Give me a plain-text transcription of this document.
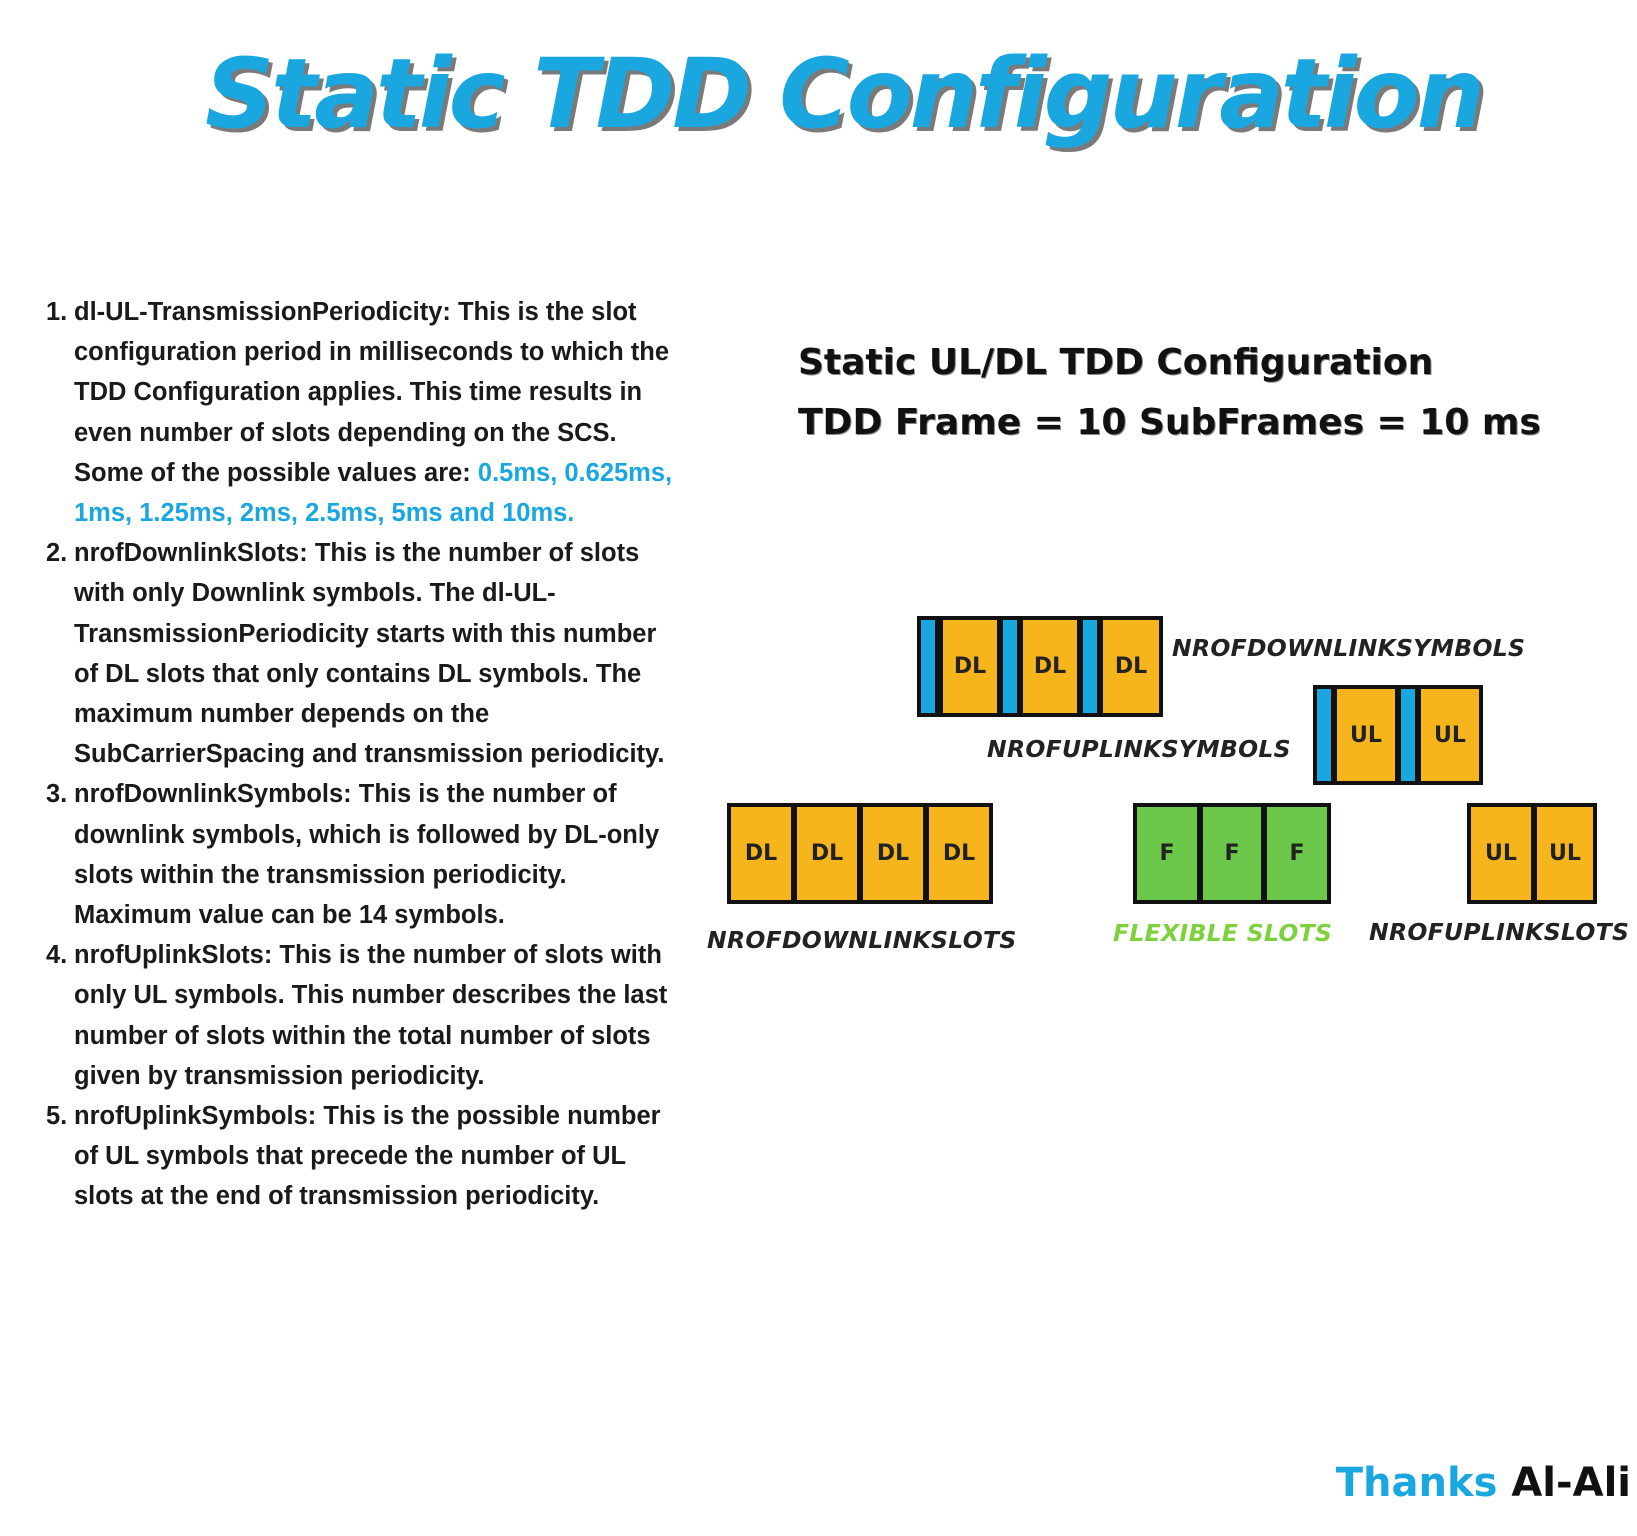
Static TDD Configuration
1. dl-UL-TransmissionPeriodicity: This is the slot configuration period in milliseconds to which the TDD Configuration applies. This time results in even number of slots depending on the SCS. Some of the possible values are: 0.5ms, 0.625ms, 1ms, 1.25ms, 2ms, 2.5ms, 5ms and 10ms.
2. nrofDownlinkSlots: This is the number of slots with only Downlink symbols. The dl-UL-TransmissionPeriodicity starts with this number of DL slots that only contains DL symbols. The maximum number depends on the SubCarrierSpacing and transmission periodicity.
3. nrofDownlinkSymbols: This is the number of downlink symbols, which is followed by DL-only slots within the transmission periodicity. Maximum value can be 14 symbols.
4. nrofUplinkSlots: This is the number of slots with only UL symbols. This number describes the last number of slots within the total number of slots given by transmission periodicity.
5. nrofUplinkSymbols: This is the possible number of UL symbols that precede the number of UL slots at the end of transmission periodicity.
Static UL/DL TDD Configuration
TDD Frame = 10 SubFrames = 10 ms
DL	DL	DL
NROFDOWNLINKSYMBOLS
UL	UL
NROFUPLINKSYMBOLS
DL	DL	DL	DL
NROFDOWNLINKSLOTS
F	F	F
FLEXIBLE SLOTS
UL	UL
NROFUPLINKSLOTS
Thanks Al-Ali
